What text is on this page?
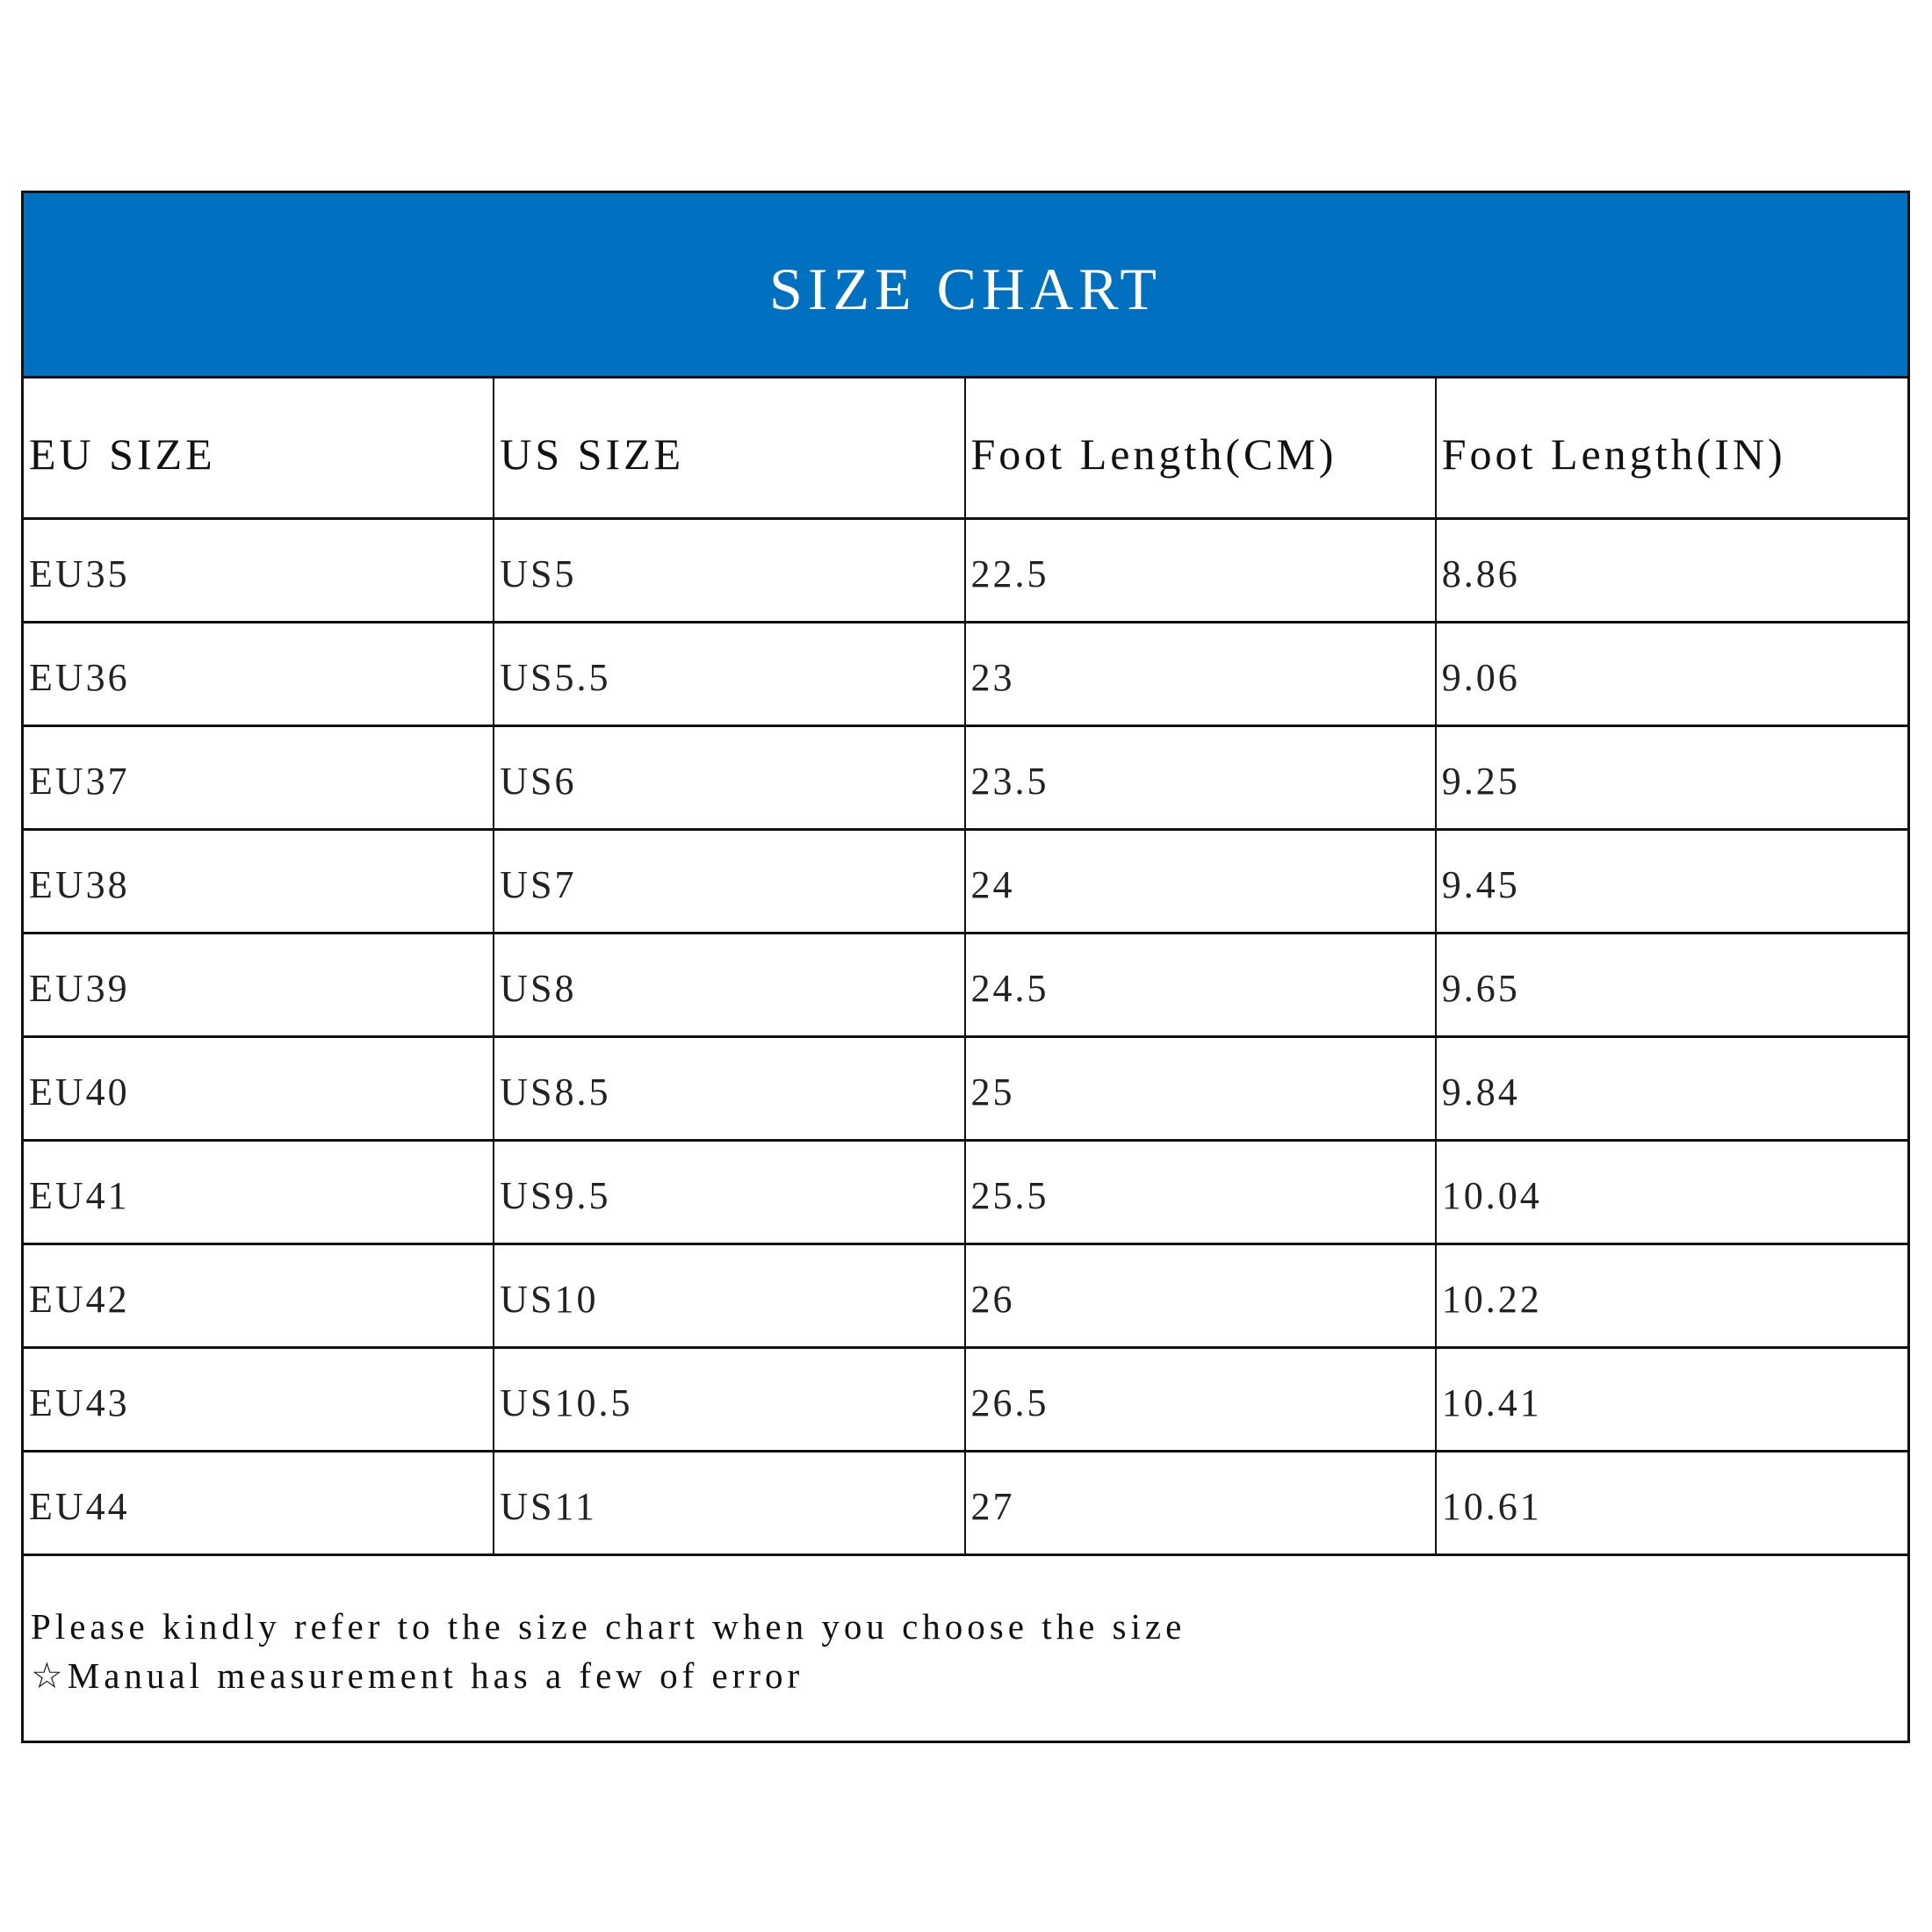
SIZE CHART
EU SIZE	US SIZE	Foot Length(CM)	Foot Length(IN)
EU35	US5	22.5	8.86
EU36	US5.5	23	9.06
EU37	US6	23.5	9.25
EU38	US7	24	9.45
EU39	US8	24.5	9.65
EU40	US8.5	25	9.84
EU41	US9.5	25.5	10.04
EU42	US10	26	10.22
EU43	US10.5	26.5	10.41
EU44	US11	27	10.61
Please kindly refer to the size chart when you choose the size
☆Manual measurement has a few of error
